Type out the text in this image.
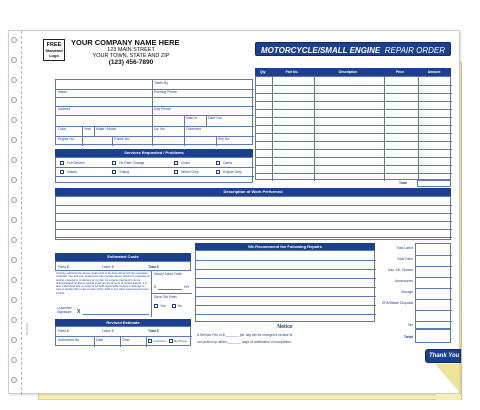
FREE
Standard
Logo
YOUR COMPANY NAME HERE
123 MAIN STREET
YOUR TOWN, STATE AND ZIP
(123) 456-7890
MOTORCYCLE/SMALL ENGINE REPAIR ORDER
Name
Taken By
Evening Phone
Address	Day Phone
Date In	Date Out
Color	Year Make / Model	Lic. No.	Odometer
Engine No.	Frame No.	Key No.
Services Requested / Problems
Full Service	Oil Filter Change	Chain	Carbs
Valves	Timing	Wheel Only	Engine Only
Qty.	Part No.	Description	Price	Amount
Total
Description of Work Performed
We Recommend the Following Repairs	Total Labor
Total Parts
Gas, Oil, Grease
Accessories
Storage
EPA/Waste Disposal
Tax
Total
Estimated Costs
Parts $	Labor $	Total $
I hereby authorize the above repair work to be done along with the necessary materials. You and your employees may operate above vehicle for purposes of testing, inspection, or delivery at my risk. An express mechanic's lien is acknowledged on above vehicle to secure the amount of repairs thereto. It is also understood that you will not be held responsible for loss or damage to cars or articles left in cars in case of fire, theft or any other cause beyond your control.
Hourly Labor Rate
$	HR
Save Old Parts
Yes	No
Customer Signature	X
Revised Estimate
Parts $	Labor $	Total $
Authorized By	Date	Time	In Person	By Phone
Notice
A Service Fee of $ _______ per day will be charged if vehicle is
not picked up within _______ days of notification of completion.
Thank You
NOW123
